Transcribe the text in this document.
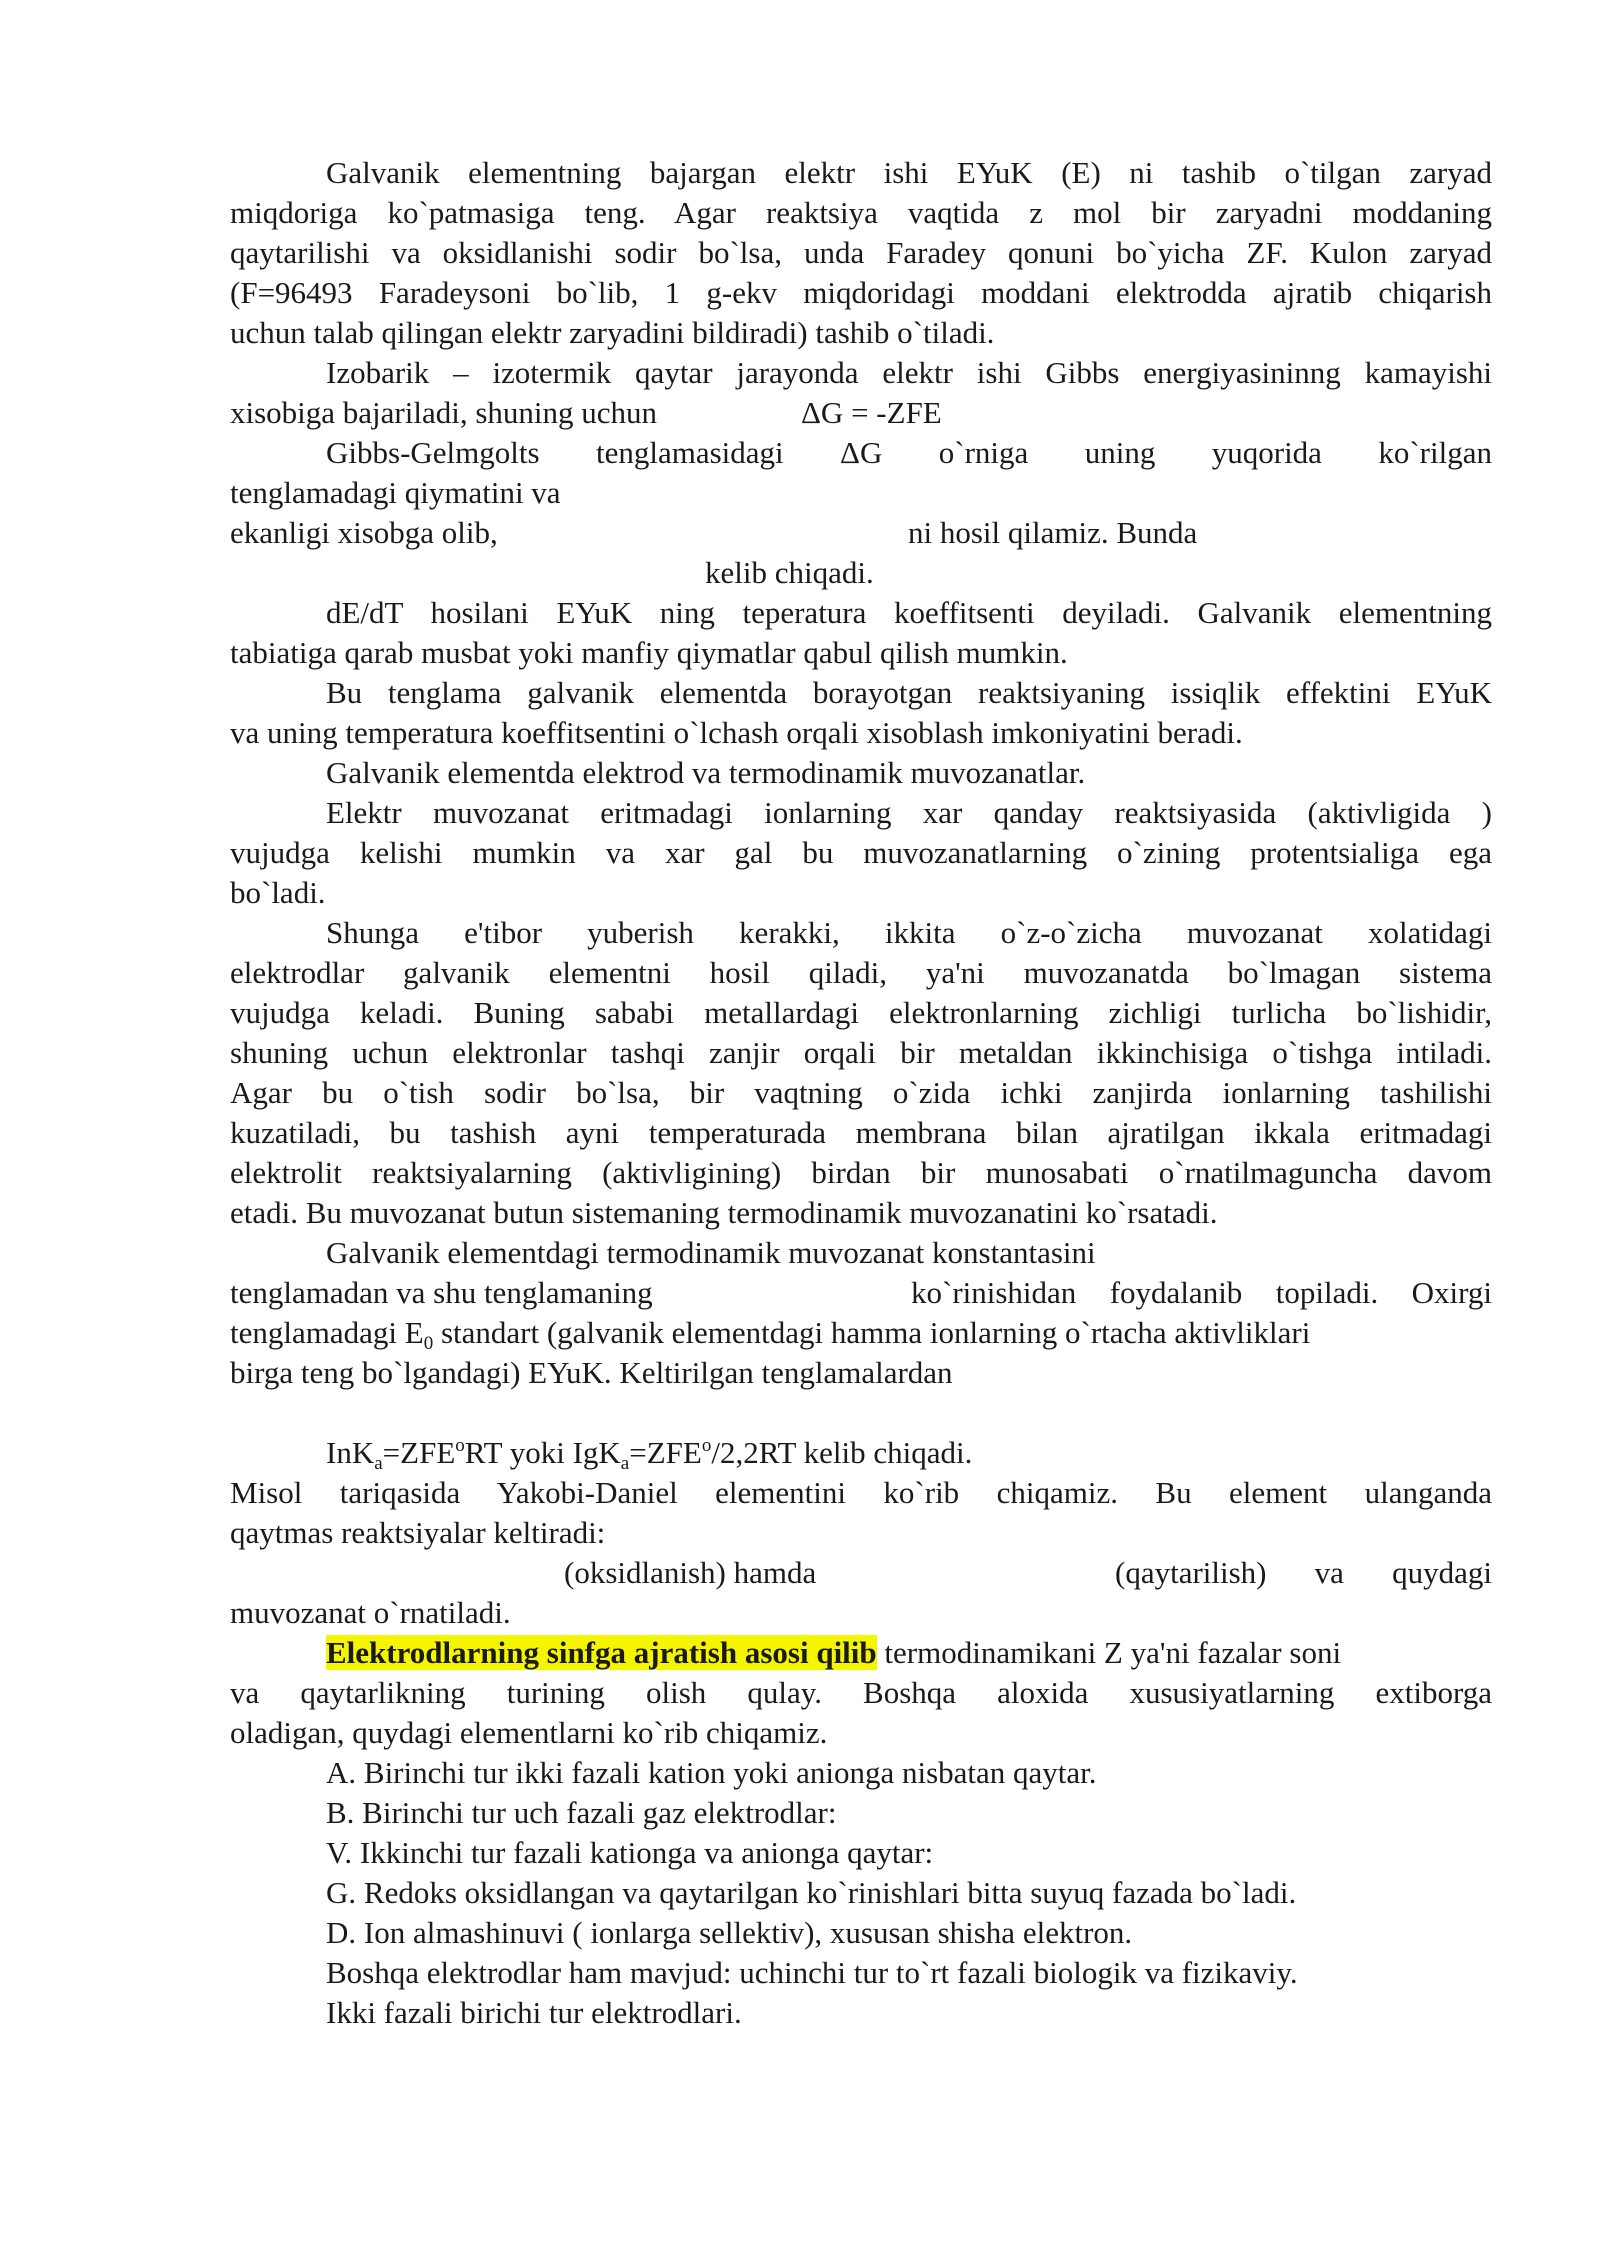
Galvanik elementning bajargan elektr ishi EYuK (E) ni tashib o`tilgan zaryad
miqdoriga ko`patmasiga teng. Agar reaktsiya vaqtida z mol bir zaryadni moddaning
qaytarilishi va oksidlanishi sodir bo`lsa, unda Faradey qonuni bo`yicha ZF. Kulon zaryad
(F=96493 Faradeysoni bo`lib, 1 g-ekv miqdoridagi moddani elektrodda ajratib chiqarish
uchun talab qilingan elektr zaryadini bildiradi) tashib o`tiladi.
Izobarik – izotermik qaytar jarayonda elektr ishi Gibbs energiyasininng kamayishi
xisobiga bajariladi, shuning uchun	ΔG = -ZFE
Gibbs-Gelmgolts tenglamasidagi ΔG o`rniga uning yuqorida ko`rilgan
tenglamadagi qiymatini va
ekanligi xisobga olib,	ni hosil qilamiz. Bunda
kelib chiqadi.
dE/dT hosilani EYuK ning teperatura koeffitsenti deyiladi. Galvanik elementning
tabiatiga qarab musbat yoki manfiy qiymatlar qabul qilish mumkin.
Bu tenglama galvanik elementda borayotgan reaktsiyaning issiqlik effektini EYuK
va uning temperatura koeffitsentini o`lchash orqali xisoblash imkoniyatini beradi.
Galvanik elementda elektrod va termodinamik muvozanatlar.
Elektr muvozanat eritmadagi ionlarning xar qanday reaktsiyasida (aktivligida )
vujudga kelishi mumkin va xar gal bu muvozanatlarning o`zining protentsialiga ega
bo`ladi.
Shunga e'tibor yuberish kerakki, ikkita o`z-o`zicha muvozanat xolatidagi
elektrodlar galvanik elementni hosil qiladi, ya'ni muvozanatda bo`lmagan sistema
vujudga keladi. Buning sababi metallardagi elektronlarning zichligi turlicha bo`lishidir,
shuning uchun elektronlar tashqi zanjir orqali bir metaldan ikkinchisiga o`tishga intiladi.
Agar bu o`tish sodir bo`lsa, bir vaqtning o`zida ichki zanjirda ionlarning tashilishi
kuzatiladi, bu tashish ayni temperaturada membrana bilan ajratilgan ikkala eritmadagi
elektrolit reaktsiyalarning (aktivligining) birdan bir munosabati o`rnatilmaguncha davom
etadi. Bu muvozanat butun sistemaning termodinamik muvozanatini ko`rsatadi.
Galvanik elementdagi termodinamik muvozanat konstantasini
tenglamadan va shu tenglamaning	ko`rinishidan foydalanib topiladi. Oxirgi
tenglamadagi $E_0$ standart (galvanik elementdagi hamma ionlarning o`rtacha aktivliklari
birga teng bo`lgandagi) EYuK. Keltirilgan tenglamalardan
$InK_a=ZFE^oRT$ yoki $IgK_a=ZFE^o/2,2RT$ kelib chiqadi.
Misol tariqasida Yakobi-Daniel elementini ko`rib chiqamiz. Bu element ulanganda
qaytmas reaktsiyalar keltiradi:
(oksidlanish) hamda	(qaytarilish) va quydagi
muvozanat o`rnatiladi.
Elektrodlarning sinfga ajratish asosi qilib termodinamikani Z ya'ni fazalar soni
va qaytarlikning turining olish qulay. Boshqa aloxida xususiyatlarning extiborga
oladigan, quydagi elementlarni ko`rib chiqamiz.
A. Birinchi tur ikki fazali kation yoki anionga nisbatan qaytar.
B. Birinchi tur uch fazali gaz elektrodlar:
V. Ikkinchi tur fazali kationga va anionga qaytar:
G. Redoks oksidlangan va qaytarilgan ko`rinishlari bitta suyuq fazada bo`ladi.
D. Ion almashinuvi ( ionlarga sellektiv), xususan shisha elektron.
Boshqa elektrodlar ham mavjud: uchinchi tur to`rt fazali biologik va fizikaviy.
Ikki fazali birichi tur elektrodlari.
